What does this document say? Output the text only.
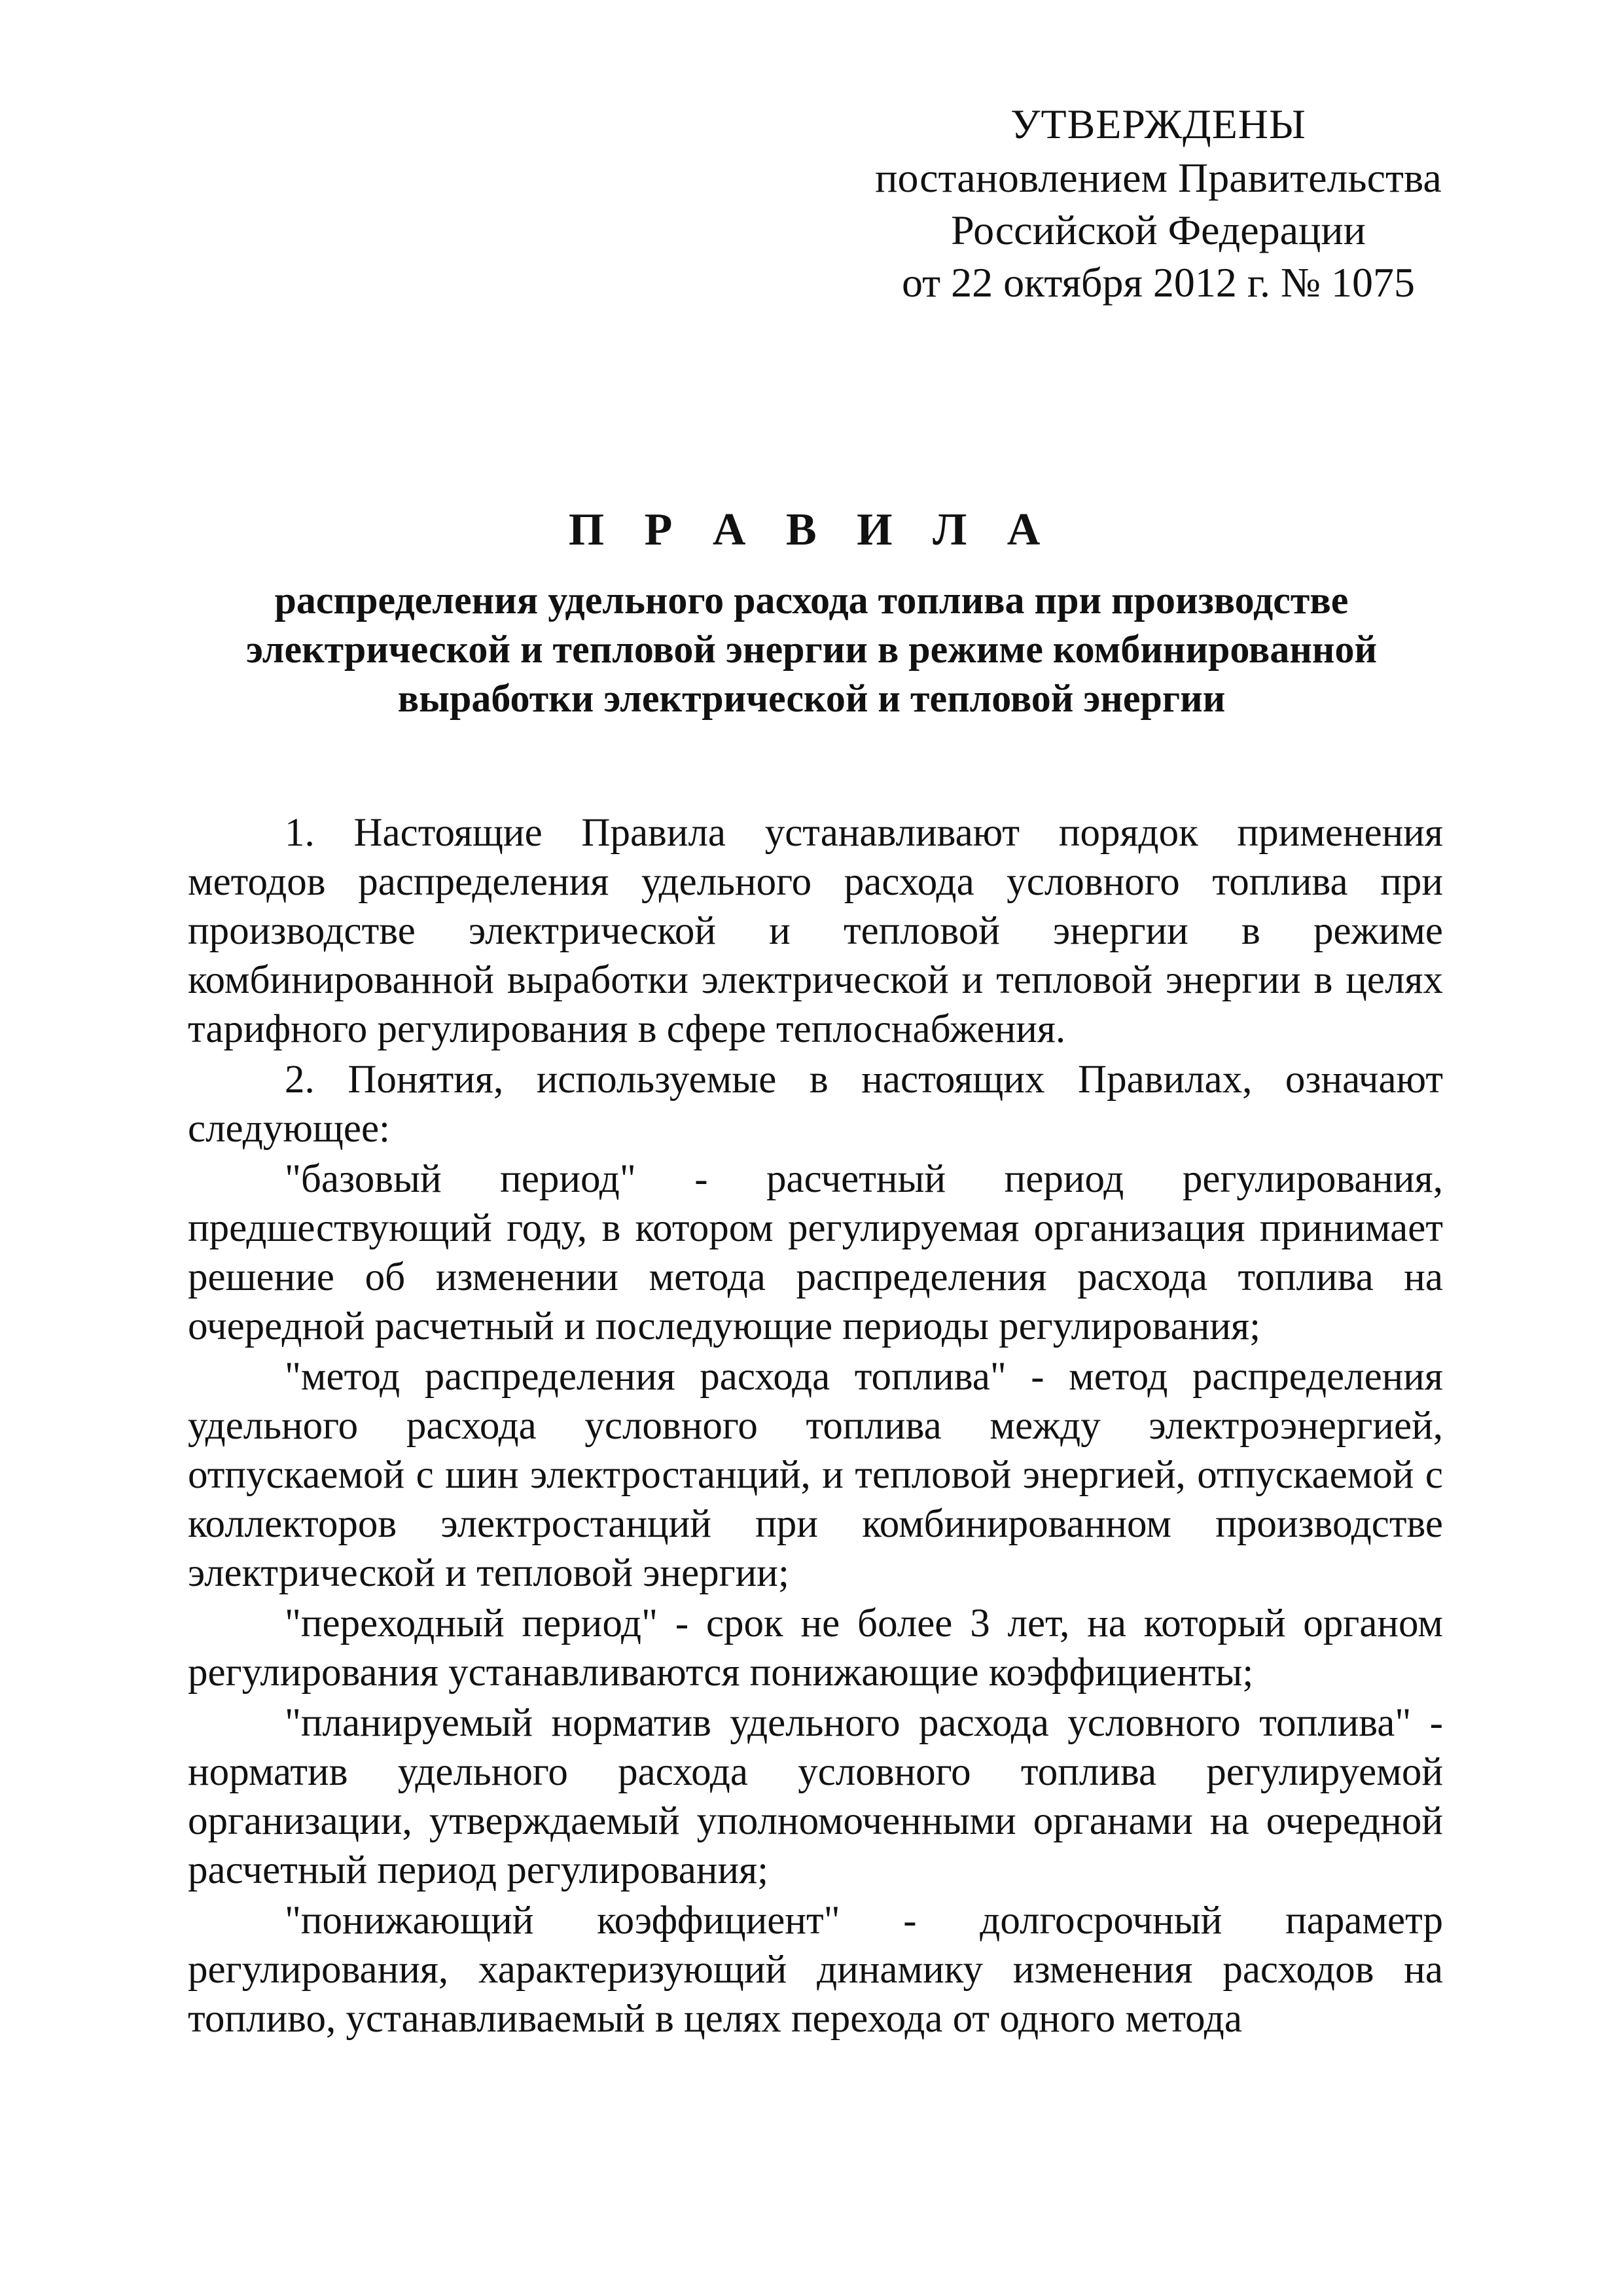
УТВЕРЖДЕНЫ
постановлением Правительства
Российской Федерации
от 22 октября 2012 г. № 1075
П Р А В И Л А
распределения удельного расхода топлива при производстве
электрической и тепловой энергии в режиме комбинированной
выработки электрической и тепловой энергии

1. Настоящие Правила устанавливают порядок применения методов распределения удельного расхода условного топлива при производстве электрической и тепловой энергии в режиме комбинированной выработки электрической и тепловой энергии в целях тарифного регулирования в сфере теплоснабжения.

2. Понятия, используемые в настоящих Правилах, означают следующее:

"базовый период" - расчетный период регулирования, предшествующий году, в котором регулируемая организация принимает решение об изменении метода распределения расхода топлива на очередной расчетный и последующие периоды регулирования;

"метод распределения расхода топлива" - метод распределения удельного расхода условного топлива между электроэнергией, отпускаемой с шин электростанций, и тепловой энергией, отпускаемой с коллекторов электростанций при комбинированном производстве электрической и тепловой энергии;

"переходный период" - срок не более 3 лет, на который органом регулирования устанавливаются понижающие коэффициенты;

"планируемый норматив удельного расхода условного топлива" - норматив удельного расхода условного топлива регулируемой организации, утверждаемый уполномоченными органами на очередной расчетный период регулирования;

"понижающий коэффициент" - долгосрочный параметр регулирования, характеризующий динамику изменения расходов на топливо, устанавливаемый в целях перехода от одного метода
